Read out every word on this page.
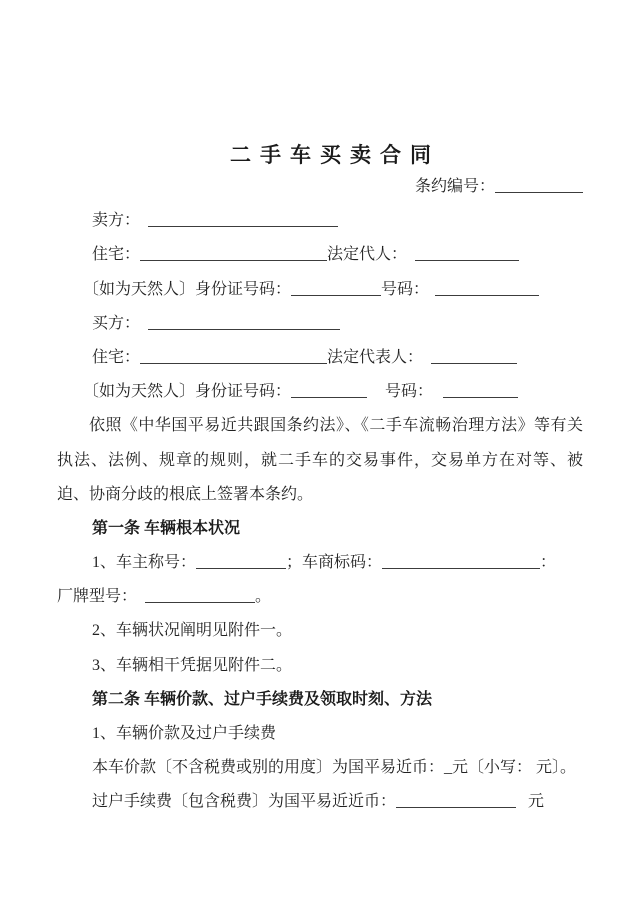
二手车买卖合同
条约编号：
卖方：
住宅：	法定代人：
〔如为天然人〕身份证号码：	号码：
买方：
住宅：	法定代表人：
〔如为天然人〕身份证号码：	号码：

依照《中华国平易近共跟国条约法》、《二手车流畅治理方法》等有关执法、法例、规章的规则，就二手车的交易事件，交易单方在对等、被迫、协商分歧的根底上签署本条约。

第一条 车辆根本状况
1、车主称号：	；车商标码：	：
厂牌型号：	。
2、车辆状况阐明见附件一。
3、车辆相干凭据见附件二。
第二条 车辆价款、过户手续费及领取时刻、方法
1、车辆价款及过户手续费
本车价款〔不含税费或别的用度〕为国平易近币：_元〔小写： 元〕。
过户手续费〔包含税费〕为国平易近近币：	元
